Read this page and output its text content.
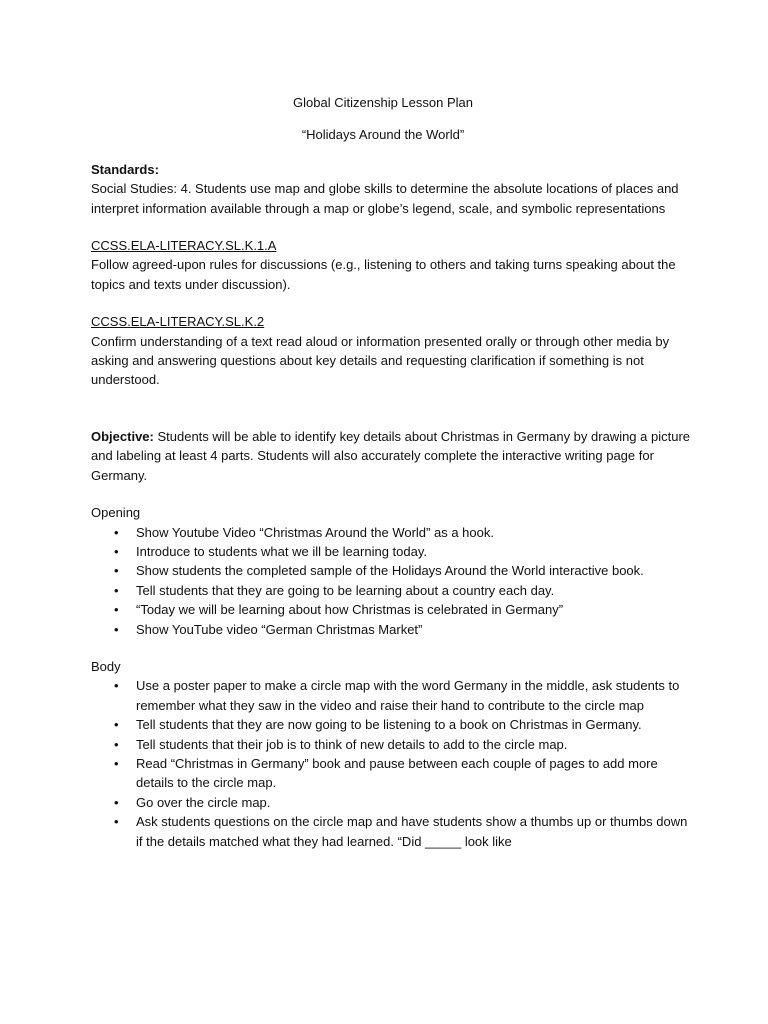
Global Citizenship Lesson Plan
“Holidays Around the World”
Standards:
Social Studies: 4. Students use map and globe skills to determine the absolute locations of places and interpret information available through a map or globe’s legend, scale, and symbolic representations
CCSS.ELA-LITERACY.SL.K.1.A
Follow agreed-upon rules for discussions (e.g., listening to others and taking turns speaking about the topics and texts under discussion).
CCSS.ELA-LITERACY.SL.K.2
Confirm understanding of a text read aloud or information presented orally or through other media by asking and answering questions about key details and requesting clarification if something is not understood.
Objective: Students will be able to identify key details about Christmas in Germany by drawing a picture and labeling at least 4 parts. Students will also accurately complete the interactive writing page for Germany.
Opening
• Show Youtube Video “Christmas Around the World” as a hook.
• Introduce to students what we ill be learning today.
• Show students the completed sample of the Holidays Around the World interactive book.
• Tell students that they are going to be learning about a country each day.
• “Today we will be learning about how Christmas is celebrated in Germany”
• Show YouTube video “German Christmas Market”
Body
• Use a poster paper to make a circle map with the word Germany in the middle, ask students to remember what they saw in the video and raise their hand to contribute to the circle map
• Tell students that they are now going to be listening to a book on Christmas in Germany.
• Tell students that their job is to think of new details to add to the circle map.
• Read “Christmas in Germany” book and pause between each couple of pages to add more details to the circle map.
• Go over the circle map.
• Ask students questions on the circle map and have students show a thumbs up or thumbs down if the details matched what they had learned. “Did _____ look like
